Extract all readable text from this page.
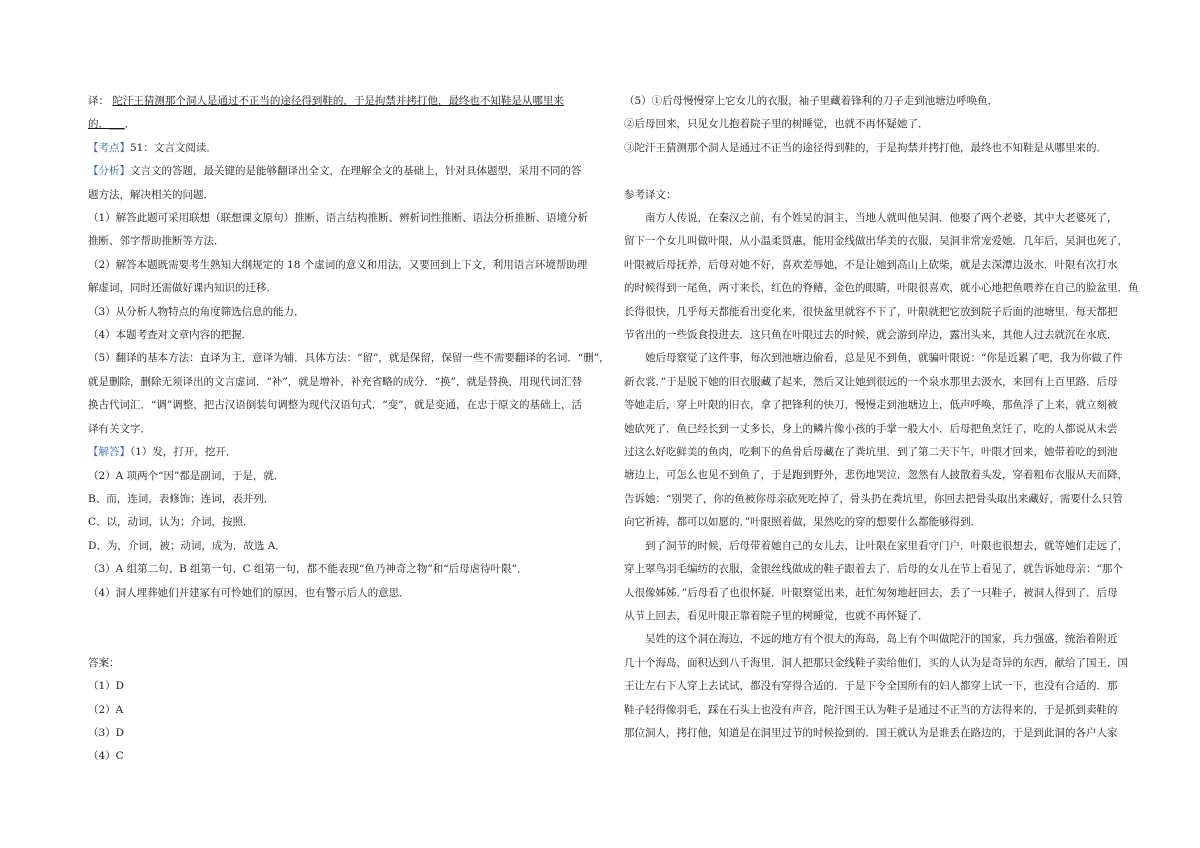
译： 陀汗王猜测那个洞人是通过不正当的途径得到鞋的，于是拘禁并拷打他，最终也不知鞋是从哪里来

的．___．

【考点】51：文言文阅读．

【分析】文言文的答题，最关键的是能够翻译出全文，在理解全文的基础上，针对具体题型，采用不同的答

题方法，解决相关的问题．

（1）解答此题可采用联想（联想课文原句）推断、语言结构推断、辨析词性推断、语法分析推断、语境分析

推断、邻字帮助推断等方法．

（2）解答本题既需要考生熟知大纲规定的 18 个虚词的意义和用法，又要回到上下文，利用语言环境帮助理

解虚词，同时还需做好课内知识的迁移．

（3）从分析人物特点的角度筛选信息的能力．

（4）本题考查对文章内容的把握．

（5）翻译的基本方法：直译为主，意译为辅．具体方法：“留”，就是保留，保留一些不需要翻译的名词．“删”，

就是删除，删除无须译出的文言虚词．“补”，就是增补，补充省略的成分．“换”，就是替换，用现代词汇替

换古代词汇．“调”调整，把古汉语倒装句调整为现代汉语句式．“变”，就是变通，在忠于原文的基础上，活

译有关文字．

【解答】（1）发，打开，挖开．

（2）A 项两个“因”都是副词，于是，就．

B、而，连词，表修饰；连词，表并列．

C、以，动词，认为；介词，按照．

D、为，介词，被；动词，成为．故选 A．

（3）A 组第二句、B 组第一句、C 组第一句，都不能表现“鱼乃神奇之物”和“后母虐待叶限”．

（4）洞人埋葬她们并建冢有可怜她们的原因，也有警示后人的意思．

答案：

（1）D

（2）A

（3）D

（4）C

（5）①后母慢慢穿上它女儿的衣服，袖子里藏着锋利的刀子走到池塘边呼唤鱼．

②后母回来，只见女儿抱着院子里的树睡觉，也就不再怀疑她了．

③陀汗王猜测那个洞人是通过不正当的途径得到鞋的，于是拘禁并拷打他，最终也不知鞋是从哪里来的．

参考译文：

南方人传说，在秦汉之前，有个姓吴的洞主，当地人就叫他吴洞．他娶了两个老婆，其中大老婆死了，

留下一个女儿叫做叶限，从小温柔贤惠，能用金线做出华美的衣服，吴洞非常宠爱她．几年后，吴洞也死了，

叶限被后母抚养，后母对她不好，喜欢差辱她，不是让她到高山上砍柴，就是去深潭边汲水．叶限有次打水

的时候得到一尾鱼，两寸来长，红色的脊鳍，金色的眼睛，叶限很喜欢，就小心地把鱼喂养在自己的脸盆里．鱼

长得很快，几乎每天都能看出变化来，很快盆里就容不下了，叶限就把它放到院子后面的池塘里．每天都把

节省出的一些饭食投进去．这只鱼在叶限过去的时候，就会游到岸边，露出头来，其他人过去就沉在水底．

她后母察觉了这件事，每次到池塘边偷看，总是见不到鱼，就骗叶限说：“你是近累了吧，我为你做了件

新衣裳．”于是脱下她的旧衣服藏了起来，然后又让她到很远的一个泉水那里去汲水，来回有上百里路．后母

等她走后，穿上叶限的旧衣，拿了把锋利的快刀，慢慢走到池塘边上，低声呼唤，那鱼浮了上来，就立刻被

她砍死了．鱼已经长到一丈多长，身上的鳞片像小孩的手掌一般大小．后母把鱼烹饪了，吃的人都说从未尝

过这么好吃鲜美的鱼肉，吃剩下的鱼骨后母藏在了粪坑里．到了第二天下午，叶限才回来，她带着吃的到池

塘边上，可怎么也见不到鱼了，于是跑到野外，悲伤地哭泣．忽然有人披散着头发，穿着粗布衣服从天而降，

告诉她：“别哭了，你的鱼被你母亲砍死吃掉了，骨头扔在粪坑里，你回去把骨头取出来藏好，需要什么只管

向它祈祷，都可以如愿的．”叶限照着做，果然吃的穿的想要什么都能够得到．

到了洞节的时候，后母带着她自己的女儿去，让叶限在家里看守门户．叶限也很想去，就等她们走远了，

穿上翠鸟羽毛编纺的衣服，金银丝线做成的鞋子跟着去了．后母的女儿在节上看见了，就告诉她母亲：“那个

人很像姊姊．”后母看了也很怀疑．叶限察觉出来，赶忙匆匆地赶回去，丢了一只鞋子，被洞人得到了．后母

从节上回去，看见叶限正靠着院子里的树睡觉，也就不再怀疑了．

吴姓的这个洞在海边，不远的地方有个很大的海岛，岛上有个叫做陀汗的国家，兵力强盛，统治着附近

几十个海岛，面积达到八千海里．洞人把那只金线鞋子卖给他们，买的人认为是奇异的东西，献给了国王．国

王让左右下人穿上去试试，都没有穿得合适的．于是下令全国所有的妇人都穿上试一下，也没有合适的．那

鞋子轻得像羽毛，踩在石头上也没有声音，陀汗国王认为鞋子是通过不正当的方法得来的，于是抓到卖鞋的

那位洞人，拷打他，知道是在洞里过节的时候捡到的．国王就认为是谁丢在路边的，于是到此洞的各户人家
